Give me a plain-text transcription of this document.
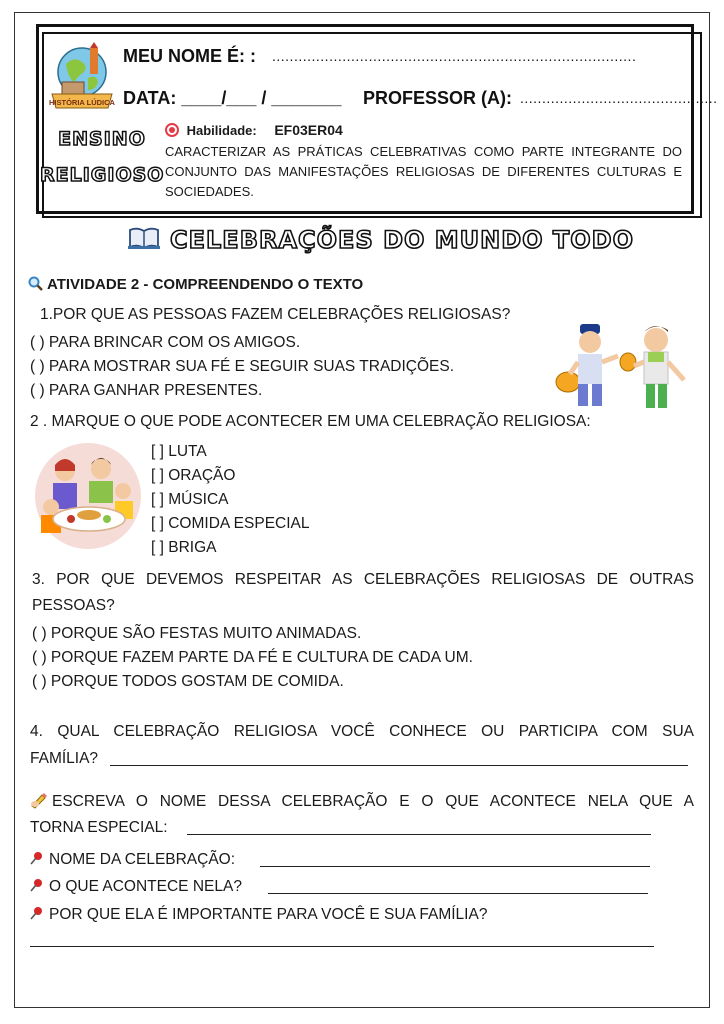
HISTÓRIA LÚDICA
MEU NOME É: : ...................................................................................
DATA: ____/___ / _______ PROFESSOR (A): .............................................
ENSINO
RELIGIOSO
Habilidade: EF03ER04
CARACTERIZAR AS PRÁTICAS CELEBRATIVAS COMO PARTE INTEGRANTE DO CONJUNTO DAS MANIFESTAÇÕES RELIGIOSAS DE DIFERENTES CULTURAS E SOCIEDADES.
CELEBRAÇÕES DO MUNDO TODO
ATIVIDADE 2 - COMPREENDENDO O TEXTO
1.POR QUE AS PESSOAS FAZEM CELEBRAÇÕES RELIGIOSAS?
( ) PARA BRINCAR COM OS AMIGOS.
( ) PARA MOSTRAR SUA FÉ E SEGUIR SUAS TRADIÇÕES.
( ) PARA GANHAR PRESENTES.
2 . MARQUE O QUE PODE ACONTECER EM UMA CELEBRAÇÃO RELIGIOSA:
[ ] LUTA
[ ] ORAÇÃO
[ ] MÚSICA
[ ] COMIDA ESPECIAL
[ ] BRIGA
3. POR QUE DEVEMOS RESPEITAR AS CELEBRAÇÕES RELIGIOSAS DE OUTRAS
PESSOAS?
( ) PORQUE SÃO FESTAS MUITO ANIMADAS.
( ) PORQUE FAZEM PARTE DA FÉ E CULTURA DE CADA UM.
( ) PORQUE TODOS GOSTAM DE COMIDA.
4. QUAL CELEBRAÇÃO RELIGIOSA VOCÊ CONHECE OU PARTICIPA COM SUA
FAMÍLIA?
ESCREVA O NOME DESSA CELEBRAÇÃO E O QUE ACONTECE NELA QUE A
TORNA ESPECIAL:
NOME DA CELEBRAÇÃO:
O QUE ACONTECE NELA?
POR QUE ELA É IMPORTANTE PARA VOCÊ E SUA FAMÍLIA?
